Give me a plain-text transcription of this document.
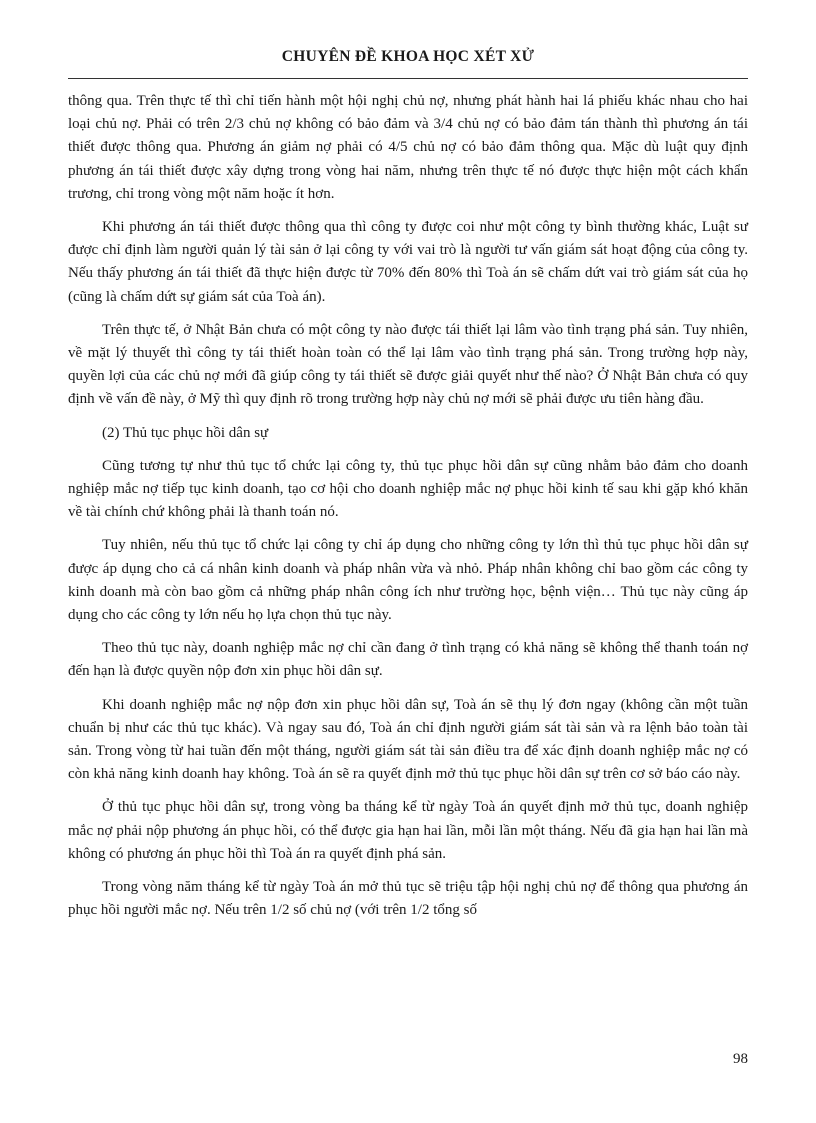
CHUYÊN ĐỀ KHOA HỌC XÉT XỬ

thông qua. Trên thực tế thì chỉ tiến hành một hội nghị chủ nợ, nhưng phát hành hai lá phiếu khác nhau cho hai loại chủ nợ. Phải có trên 2/3 chủ nợ không có bảo đảm và 3/4 chủ nợ có bảo đảm tán thành thì phương án tái thiết được thông qua. Phương án giảm nợ phải có 4/5 chủ nợ có bảo đảm thông qua. Mặc dù luật quy định phương án tái thiết được xây dựng trong vòng hai năm, nhưng trên thực tế nó được thực hiện một cách khẩn trương, chỉ trong vòng một năm hoặc ít hơn.

Khi phương án tái thiết được thông qua thì công ty được coi như một công ty bình thường khác, Luật sư được chỉ định làm người quản lý tài sản ở lại công ty với vai trò là người tư vấn giám sát hoạt động của công ty. Nếu thấy phương án tái thiết đã thực hiện được từ 70% đến 80% thì Toà án sẽ chấm dứt vai trò giám sát của họ (cũng là chấm dứt sự giám sát của Toà án).

Trên thực tế, ở Nhật Bản chưa có một công ty nào được tái thiết lại lâm vào tình trạng phá sản. Tuy nhiên, về mặt lý thuyết thì công ty tái thiết hoàn toàn có thể lại lâm vào tình trạng phá sản. Trong trường hợp này, quyền lợi của các chủ nợ mới đã giúp công ty tái thiết sẽ được giải quyết như thế nào? Ở Nhật Bản chưa có quy định về vấn đề này, ở Mỹ thì quy định rõ trong trường hợp này chủ nợ mới sẽ phải được ưu tiên hàng đầu.

(2) Thủ tục phục hồi dân sự

Cũng tương tự như thủ tục tổ chức lại công ty, thủ tục phục hồi dân sự cũng nhằm bảo đảm cho doanh nghiệp mắc nợ tiếp tục kinh doanh, tạo cơ hội cho doanh nghiệp mắc nợ phục hồi kinh tế sau khi gặp khó khăn về tài chính chứ không phải là thanh toán nó.

Tuy nhiên, nếu thủ tục tổ chức lại công ty chỉ áp dụng cho những công ty lớn thì thủ tục phục hồi dân sự được áp dụng cho cả cá nhân kinh doanh và pháp nhân vừa và nhỏ. Pháp nhân không chỉ bao gồm các công ty kinh doanh mà còn bao gồm cả những pháp nhân công ích như trường học, bệnh viện… Thủ tục này cũng áp dụng cho các công ty lớn nếu họ lựa chọn thủ tục này.

Theo thủ tục này, doanh nghiệp mắc nợ chỉ cần đang ở tình trạng có khả năng sẽ không thể thanh toán nợ đến hạn là được quyền nộp đơn xin phục hồi dân sự.

Khi doanh nghiệp mắc nợ nộp đơn xin phục hồi dân sự, Toà án sẽ thụ lý đơn ngay (không cần một tuần chuẩn bị như các thủ tục khác). Và ngay sau đó, Toà án chỉ định người giám sát tài sản và ra lệnh bảo toàn tài sản. Trong vòng từ hai tuần đến một tháng, người giám sát tài sản điều tra để xác định doanh nghiệp mắc nợ có còn khả năng kinh doanh hay không. Toà án sẽ ra quyết định mở thủ tục phục hồi dân sự trên cơ sở báo cáo này.

Ở thủ tục phục hồi dân sự, trong vòng ba tháng kể từ ngày Toà án quyết định mở thủ tục, doanh nghiệp mắc nợ phải nộp phương án phục hồi, có thể được gia hạn hai lần, mỗi lần một tháng. Nếu đã gia hạn hai lần mà không có phương án phục hồi thì Toà án ra quyết định phá sản.

Trong vòng năm tháng kể từ ngày Toà án mở thủ tục sẽ triệu tập hội nghị chủ nợ để thông qua phương án phục hồi người mắc nợ. Nếu trên 1/2 số chủ nợ (với trên 1/2 tổng số

98
